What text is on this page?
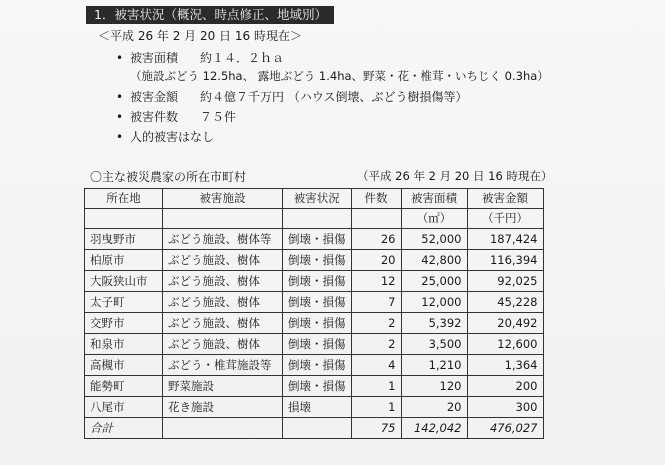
1．被害状況（概況、時点修正、地域別）
＜平成 26 年 2 月 20 日 16 時現在＞
• 被害面積 約１４．２ｈａ
（施設ぶどう 12.5ha、 露地ぶどう 1.4ha、野菜・花・椎茸・いちじく 0.3ha）
• 被害金額 約４億７千万円 （ハウス倒壊、ぶどう樹損傷等）
• 被害件数 ７５件
• 人的被害はなし
〇主な被災農家の所在市町村	（平成 26 年 2 月 20 日 16 時現在）
所在地	被害施設	被害状況	件数	被害面積	被害金額
				（㎡）	（千円）
羽曳野市	ぶどう施設、樹体等	倒壊・損傷	26	52,000	187,424
柏原市	ぶどう施設、樹体	倒壊・損傷	20	42,800	116,394
大阪狭山市	ぶどう施設、樹体	倒壊・損傷	12	25,000	92,025
太子町	ぶどう施設、樹体	倒壊・損傷	7	12,000	45,228
交野市	ぶどう施設、樹体	倒壊・損傷	2	5,392	20,492
和泉市	ぶどう施設、樹体	倒壊・損傷	2	3,500	12,600
高槻市	ぶどう・椎茸施設等	倒壊・損傷	4	1,210	1,364
能勢町	野菜施設	倒壊・損傷	1	120	200
八尾市	花き施設	損壊	1	20	300
合計			75	142,042	476,027
